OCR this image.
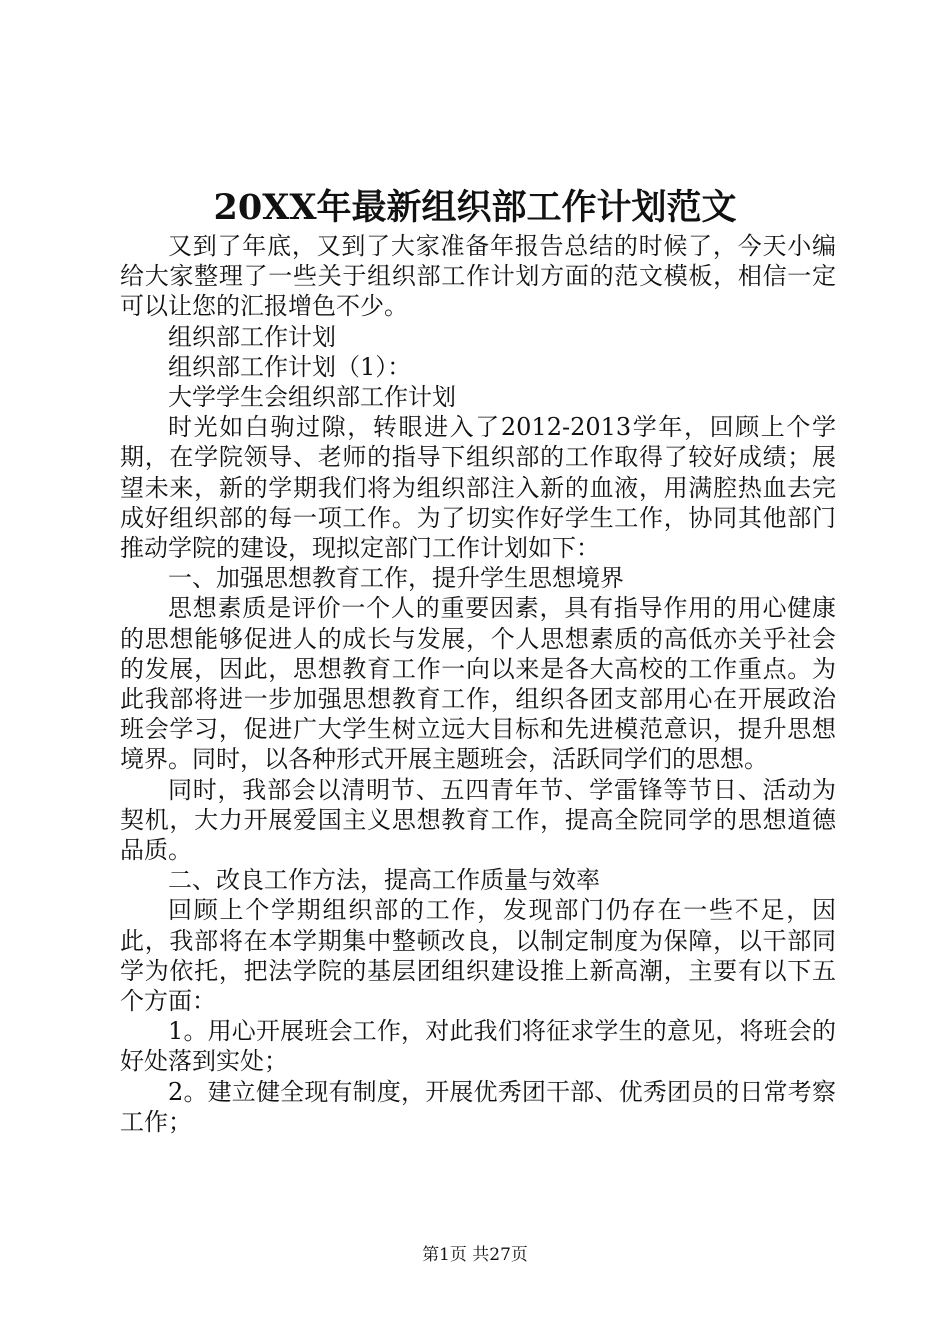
20XX年最新组织部工作计划范文

又到了年底，又到了大家准备年报告总结的时候了，今天小编给大家整理了一些关于组织部工作计划方面的范文模板，相信一定可以让您的汇报增色不少。

组织部工作计划

组织部工作计划（1）：

大学学生会组织部工作计划

时光如白驹过隙，转眼进入了2012-2013学年，回顾上个学期，在学院领导、老师的指导下组织部的工作取得了较好成绩；展望未来，新的学期我们将为组织部注入新的血液，用满腔热血去完成好组织部的每一项工作。为了切实作好学生工作，协同其他部门推动学院的建设，现拟定部门工作计划如下：

一、加强思想教育工作，提升学生思想境界

思想素质是评价一个人的重要因素，具有指导作用的用心健康的思想能够促进人的成长与发展，个人思想素质的高低亦关乎社会的发展，因此，思想教育工作一向以来是各大高校的工作重点。为此我部将进一步加强思想教育工作，组织各团支部用心在开展政治班会学习，促进广大学生树立远大目标和先进模范意识，提升思想境界。同时，以各种形式开展主题班会，活跃同学们的思想。

同时，我部会以清明节、五四青年节、学雷锋等节日、活动为契机，大力开展爱国主义思想教育工作，提高全院同学的思想道德品质。

二、改良工作方法，提高工作质量与效率

回顾上个学期组织部的工作，发现部门仍存在一些不足，因此，我部将在本学期集中整顿改良，以制定制度为保障，以干部同学为依托，把法学院的基层团组织建设推上新高潮，主要有以下五个方面：

1。用心开展班会工作，对此我们将征求学生的意见，将班会的好处落到实处；

2。建立健全现有制度，开展优秀团干部、优秀团员的日常考察工作；

第1页 共27页
